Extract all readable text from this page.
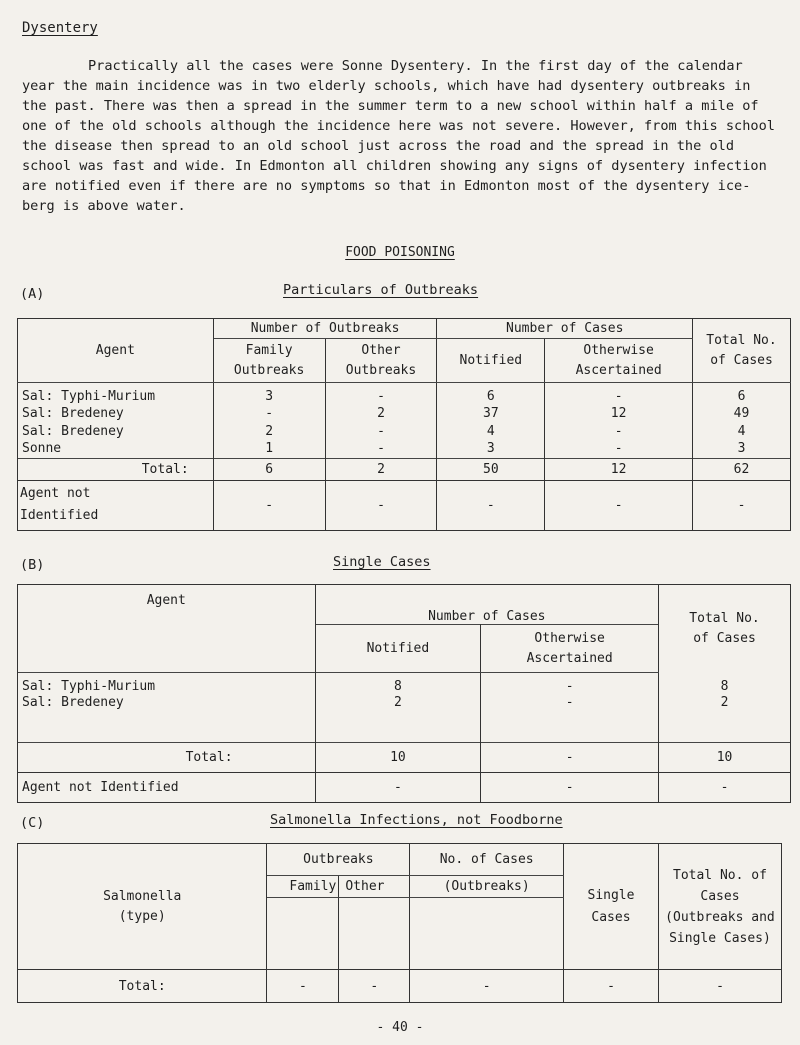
Dysentery

Practically all the cases were Sonne Dysentery. In the first day of the calendar year the main incidence was in two elderly schools, which have had dysentery outbreaks in the past. There was then a spread in the summer term to a new school within half a mile of one of the old schools although the incidence here was not severe. However, from this school the disease then spread to an old school just across the road and the spread in the old school was fast and wide. In Edmonton all children showing any signs of dysentery infection are notified even if there are no symptoms so that in Edmonton most of the dysentery ice-berg is above water.

FOOD POISONING
(A)	Particulars of Outbreaks
Agent	Number of Outbreaks		Number of Cases		Total No. of Cases

	Family Outbreaks	Other Outbreaks	Notified	Otherwise Ascertained	

Sal: Typhi-Murium	3	-	6	-	6
Sal: Bredeney	-	2	37	12	49
Sal: Bredeney	2	-	4	-	4
Sonne	1	-	3	-	3
Total:	6	2	50	12	62

Agent not Identified	-	-	-	-	-
(B)	Single Cases
Agent	Number of Cases		Total No. of Cases

	Notified	Otherwise Ascertained	

Sal: Typhi-Murium	8	-	8
Sal: Bredeney	2	-	2
Total:	10	-	10
Agent not Identified	-	-	-
(C)	Salmonella Infections, not Foodborne
Salmonella (type)	Outbreaks		No. of Cases	Single Cases	Total No. of Cases (Outbreaks and Single Cases)

	Family	Other	(Outbreaks)		

Total:	-	-	-	-	-
- 40 -
